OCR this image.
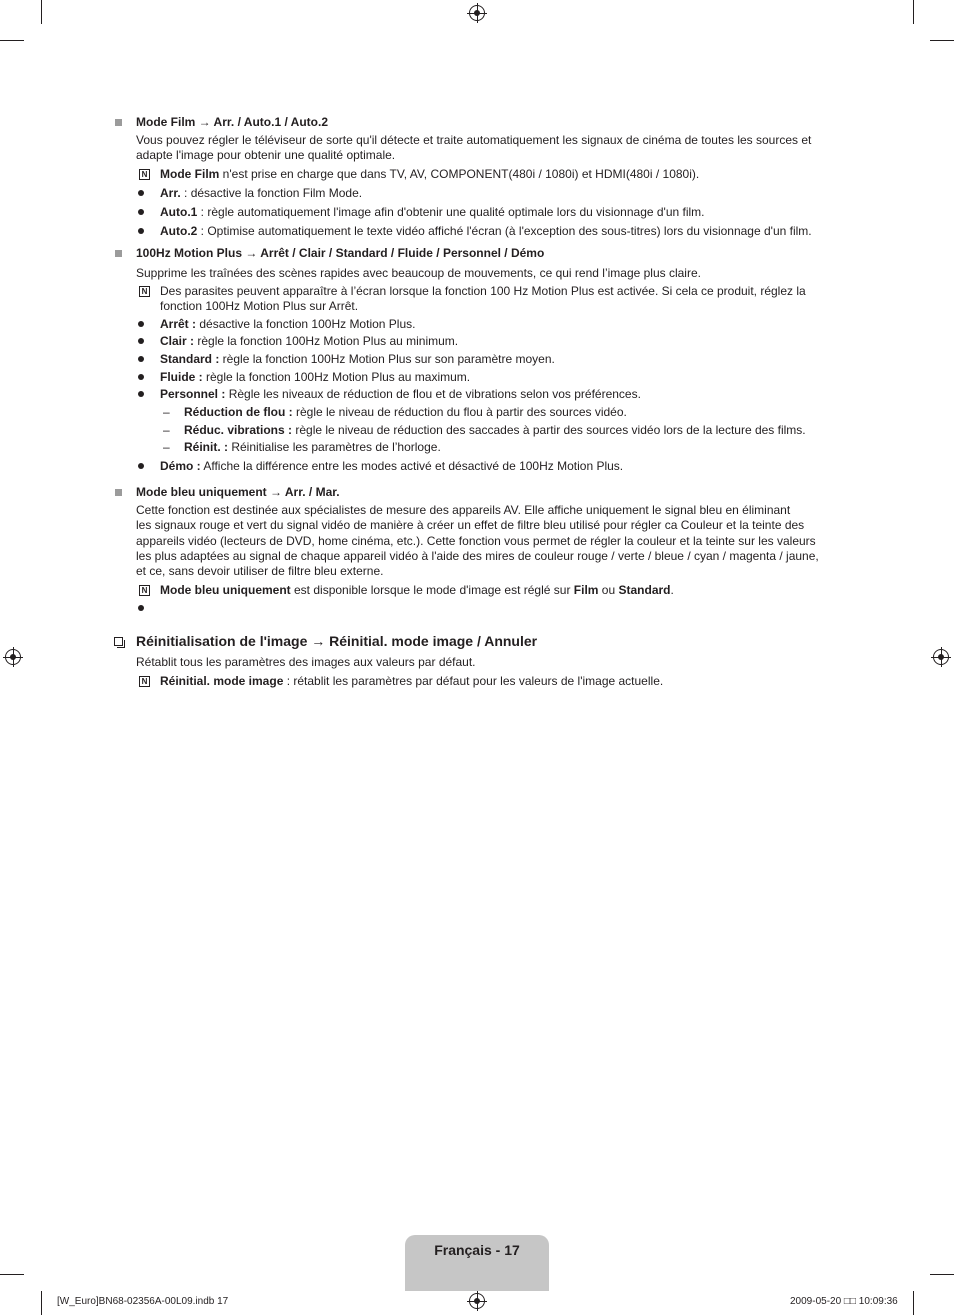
Mode Film → Arr. / Auto.1 / Auto.2
Vous pouvez régler le téléviseur de sorte qu'il détecte et traite automatiquement les signaux de cinéma de toutes les sources et
adapte l'image pour obtenir une qualité optimale.
N Mode Film n'est prise en charge que dans TV, AV, COMPONENT(480i / 1080i) et HDMI(480i / 1080i).
Arr. : désactive la fonction Film Mode.
Auto.1 : règle automatiquement l'image afin d'obtenir une qualité optimale lors du visionnage d'un film.
Auto.2 : Optimise automatiquement le texte vidéo affiché l'écran (à l'exception des sous-titres) lors du visionnage d'un film.
100Hz Motion Plus → Arrêt / Clair / Standard / Fluide / Personnel / Démo
Supprime les traînées des scènes rapides avec beaucoup de mouvements, ce qui rend l’image plus claire.
N Des parasites peuvent apparaître à l’écran lorsque la fonction 100 Hz Motion Plus est activée. Si cela ce produit, réglez la
fonction 100Hz Motion Plus sur Arrêt.
Arrêt : désactive la fonction 100Hz Motion Plus.
Clair : règle la fonction 100Hz Motion Plus au minimum.
Standard : règle la fonction 100Hz Motion Plus sur son paramètre moyen.
Fluide : règle la fonction 100Hz Motion Plus au maximum.
Personnel : Règle les niveaux de réduction de flou et de vibrations selon vos préférences.
– Réduction de flou : règle le niveau de réduction du flou à partir des sources vidéo.
– Réduc. vibrations : règle le niveau de réduction des saccades à partir des sources vidéo lors de la lecture des films.
– Réinit. : Réinitialise les paramètres de l’horloge.
Démo : Affiche la différence entre les modes activé et désactivé de 100Hz Motion Plus.
Mode bleu uniquement → Arr. / Mar.
Cette fonction est destinée aux spécialistes de mesure des appareils AV. Elle affiche uniquement le signal bleu en éliminant
les signaux rouge et vert du signal vidéo de manière à créer un effet de filtre bleu utilisé pour régler ca Couleur et la teinte des
appareils vidéo (lecteurs de DVD, home cinéma, etc.). Cette fonction vous permet de régler la couleur et la teinte sur les valeurs
les plus adaptées au signal de chaque appareil vidéo à l'aide des mires de couleur rouge / verte / bleue / cyan / magenta / jaune,
et ce, sans devoir utiliser de filtre bleu externe.
N Mode bleu uniquement est disponible lorsque le mode d'image est réglé sur Film ou Standard.
Réinitialisation de l'image → Réinitial. mode image / Annuler
Rétablit tous les paramètres des images aux valeurs par défaut.
N Réinitial. mode image : rétablit les paramètres par défaut pour les valeurs de l'image actuelle.
Français - 17
[W_Euro]BN68-02356A-00L09.indb 17	2009-05-20 □□ 10:09:36
